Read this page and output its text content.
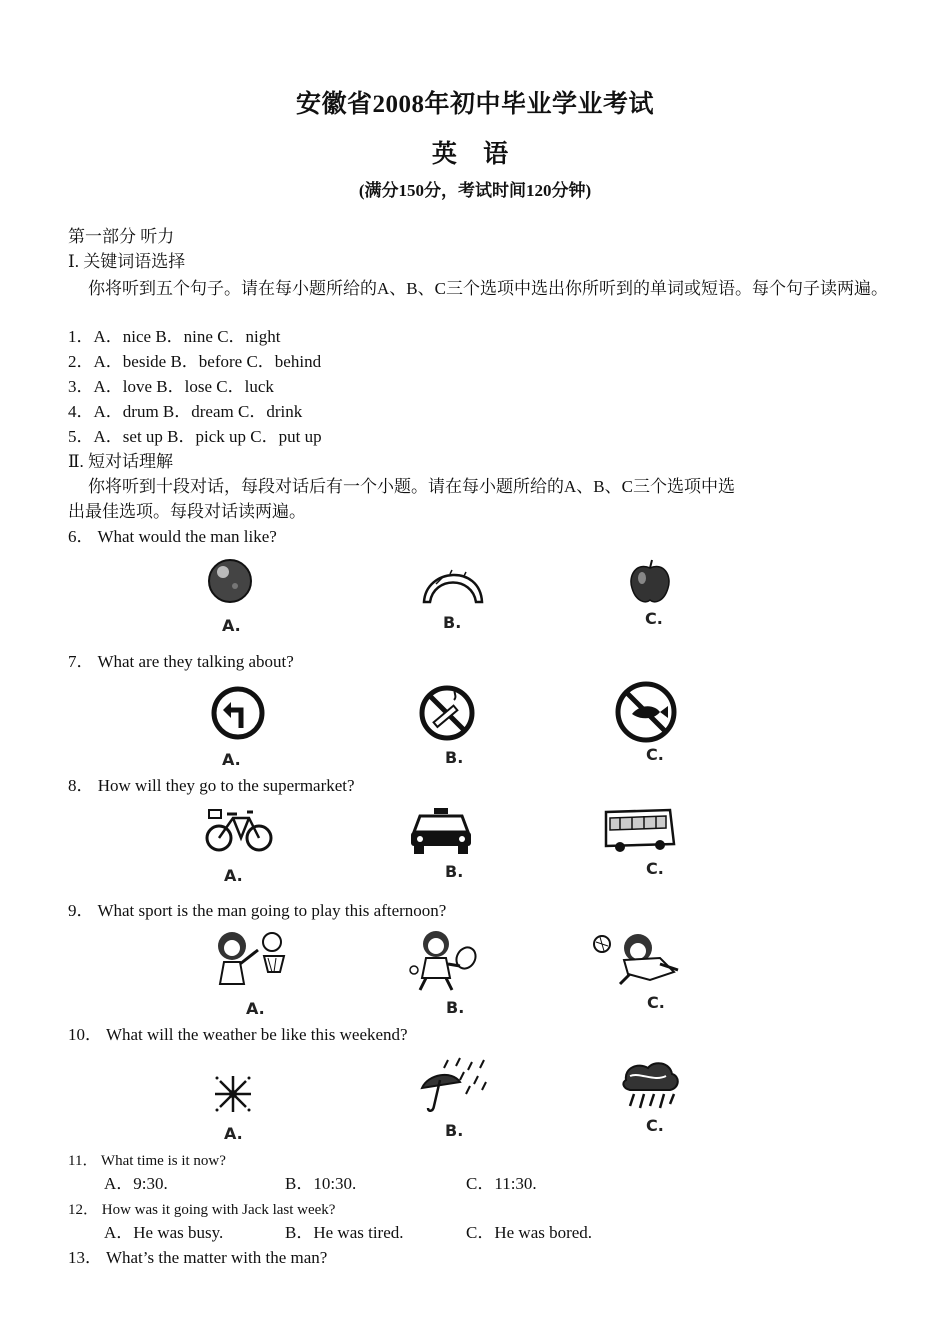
安徽省2008年初中毕业学业考试
英 语
(满分150分，考试时间120分钟)
第一部分 听力
Ⅰ. 关键词语选择
你将听到五个句子。请在每小题所给的A、B、C三个选项中选出你所听到的单词或短语。每个句子读两遍。
1．A．nice B．nine C．night
2．A．beside B．before C．behind
3．A．love B．lose C．luck
4．A．drum B．dream C．drink
5．A．set up B．pick up C．put up
Ⅱ. 短对话理解
你将听到十段对话，每段对话后有一个小题。请在每小题所给的A、B、C三个选项中选
出最佳选项。每段对话读两遍。
6． What would the man like?
A.	B.	C.
7． What are they talking about?
A.	B.	C.
8． How will they go to the supermarket?
A.	B.	C.
9． What sport is the man going to play this afternoon?
A.	B.	C.
10． What will the weather be like this weekend?
A.	B.	C.
11． What time is it now?
A．9:30.	B．10:30.	C．11:30.
12． How was it going with Jack last week?
A．He was busy.	B．He was tired.	C．He was bored.
13． What’s the matter with the man?
